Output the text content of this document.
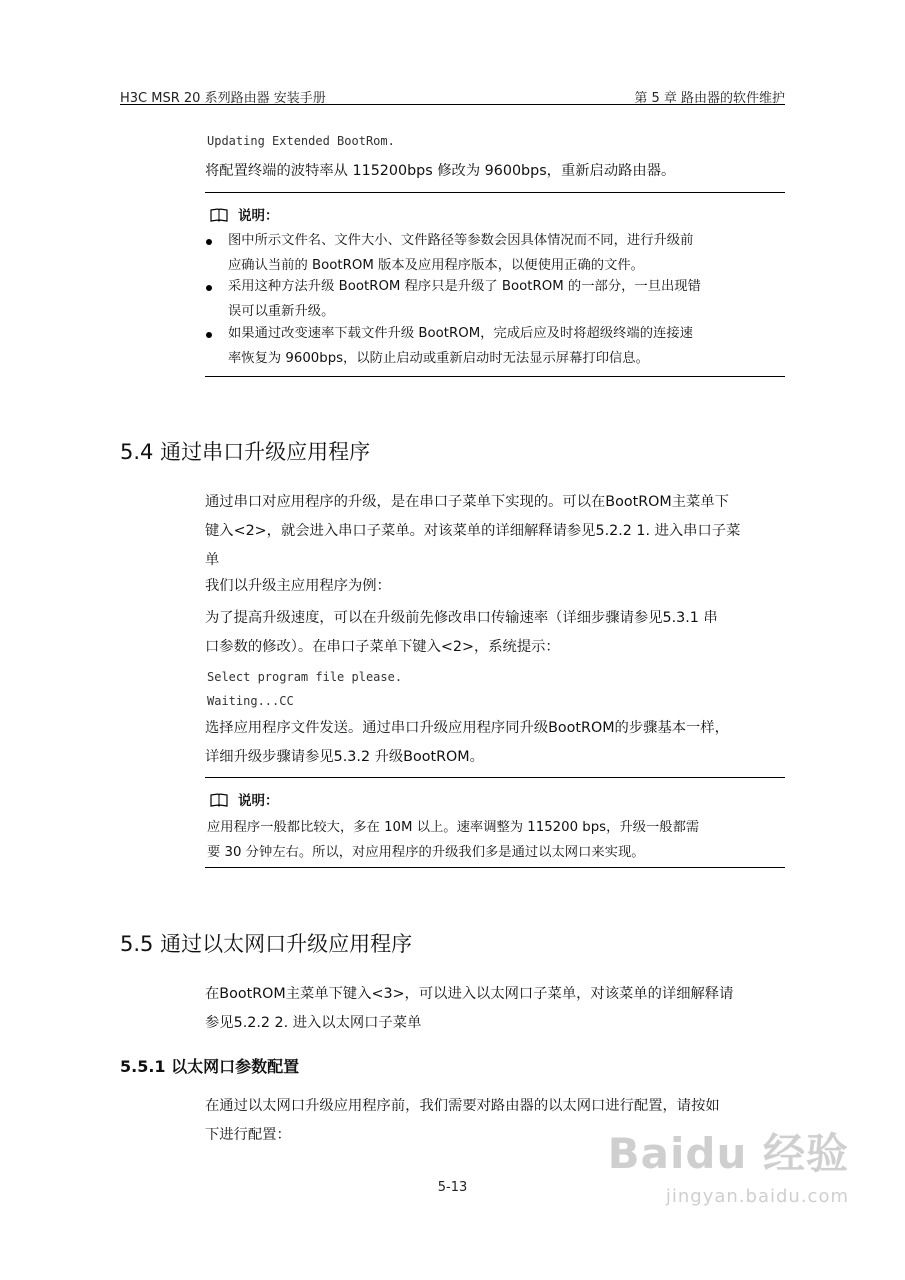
H3C MSR 20 系列路由器 安装手册	第 5 章 路由器的软件维护
Updating Extended BootRom.
将配置终端的波特率从 115200bps 修改为 9600bps，重新启动路由器。
说明：
图中所示文件名、文件大小、文件路径等参数会因具体情况而不同，进行升级前
应确认当前的 BootROM 版本及应用程序版本，以便使用正确的文件。
采用这种方法升级 BootROM 程序只是升级了 BootROM 的一部分，一旦出现错
误可以重新升级。
如果通过改变速率下载文件升级 BootROM，完成后应及时将超级终端的连接速
率恢复为 9600bps，以防止启动或重新启动时无法显示屏幕打印信息。
5.4 通过串口升级应用程序
通过串口对应用程序的升级，是在串口子菜单下实现的。可以在BootROM主菜单下
键入<2>，就会进入串口子菜单。对该菜单的详细解释请参见5.2.2 1. 进入串口子菜
单
我们以升级主应用程序为例：
为了提高升级速度，可以在升级前先修改串口传输速率（详细步骤请参见5.3.1 串
口参数的修改）。在串口子菜单下键入<2>，系统提示：
Select program file please.
Waiting...CC
选择应用程序文件发送。通过串口升级应用程序同升级BootROM的步骤基本一样，
详细升级步骤请参见5.3.2 升级BootROM。
说明：
应用程序一般都比较大，多在 10M 以上。速率调整为 115200 bps，升级一般都需
要 30 分钟左右。所以，对应用程序的升级我们多是通过以太网口来实现。
5.5 通过以太网口升级应用程序
在BootROM主菜单下键入<3>，可以进入以太网口子菜单，对该菜单的详细解释请
参见5.2.2 2. 进入以太网口子菜单
5.5.1 以太网口参数配置
在通过以太网口升级应用程序前，我们需要对路由器的以太网口进行配置，请按如
下进行配置：
5-13
Baidu 经验
jingyan.baidu.com
